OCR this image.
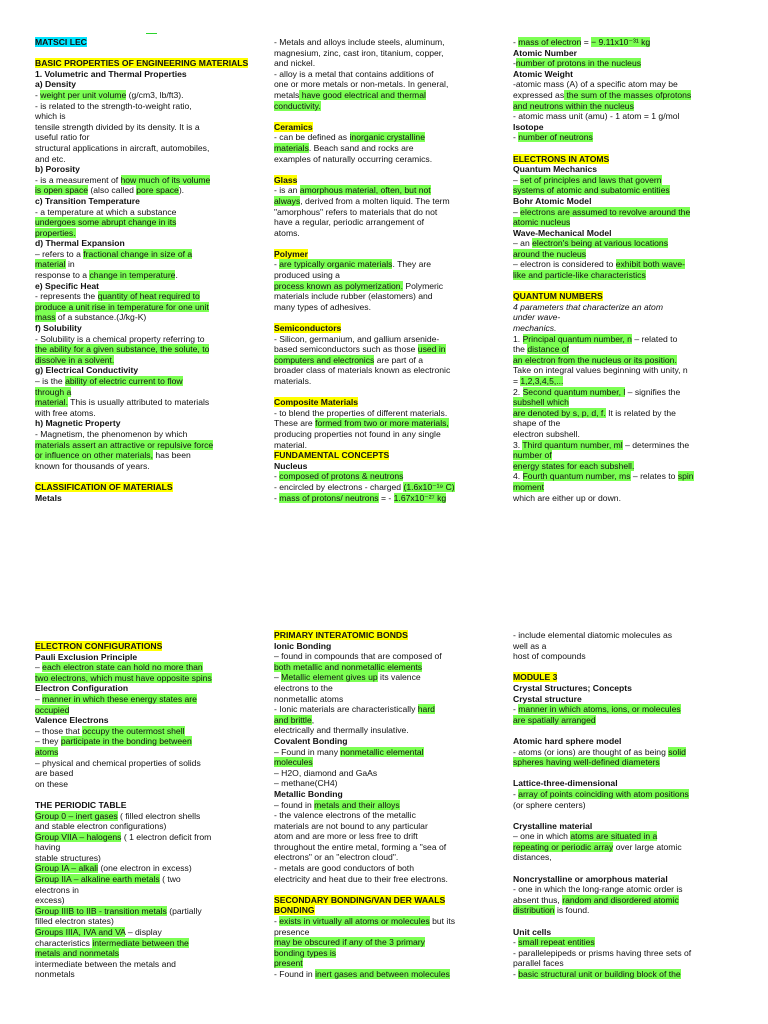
MATSCI LEC
BASIC PROPERTIES OF ENGINEERING MATERIALS
1. Volumetric and Thermal Properties
a) Density
- weight per unit volume (g/cm3, lb/ft3).
- is related to the strength-to-weight ratio,
which is
tensile strength divided by its density. It is a
useful ratio for
structural applications in aircraft, automobiles,
and etc.
b) Porosity
- is a measurement of how much of its volume
is open space (also called pore space).
c) Transition Temperature
- a temperature at which a substance
undergoes some abrupt change in its
properties.
d) Thermal Expansion
– refers to a fractional change in size of a
material in
response to a change in temperature.
e) Specific Heat
- represents the quantity of heat required to
produce a unit rise in temperature for one unit
mass of a substance.(J/kg-K)
f) Solubility
- Solubility is a chemical property referring to
the ability for a given substance, the solute, to
dissolve in a solvent.
g) Electrical Conductivity
– is the ability of electric current to flow
through a
material. This is usually attributed to materials
with free atoms.
h) Magnetic Property
- Magnetism, the phenomenon by which
materials assert an attractive or repulsive force
or influence on other materials, has been
known for thousands of years.
CLASSIFICATION OF MATERIALS
Metals
- Metals and alloys include steels, aluminum,
magnesium, zinc, cast iron, titanium, copper,
and nickel.
- alloy is a metal that contains additions of
one or more metals or non-metals. In general,
metals have good electrical and thermal
conductivity.
Ceramics
- can be defined as inorganic crystalline
materials. Beach sand and rocks are
examples of naturally occurring ceramics.
Glass
- is an amorphous material, often, but not
always, derived from a molten liquid. The term
"amorphous" refers to materials that do not
have a regular, periodic arrangement of
atoms.
Polymer
- are typically organic materials. They are
produced using a
process known as polymerization. Polymeric
materials include rubber (elastomers) and
many types of adhesives.
Semiconductors
- Silicon, germanium, and gallium arsenide-
based semiconductors such as those used in
computers and electronics are part of a
broader class of materials known as electronic
materials.
Composite Materials
- to blend the properties of different materials.
These are formed from two or more materials,
producing properties not found in any single
material.
FUNDAMENTAL CONCEPTS
Nucleus
- composed of protons & neutrons
- encircled by electrons - charged (1.6x10⁻¹⁹ C)
- mass of protons/ neutrons = - 1.67x10⁻²⁷ kg
- mass of electron = − 9.11x10⁻³¹ kg
Atomic Number
-number of protons in the nucleus
Atomic Weight
-atomic mass (A) of a specific atom may be
expressed as the sum of the masses ofprotons
and neutrons within the nucleus
- atomic mass unit (amu) - 1 atom = 1 g/mol
Isotope
- number of neutrons
ELECTRONS IN ATOMS
Quantum Mechanics
– set of principles and laws that govern
systems of atomic and subatomic entities
Bohr Atomic Model
– electrons are assumed to revolve around the
atomic nucleus
Wave-Mechanical Model
– an electron's being at various locations
around the nucleus
– electron is considered to exhibit both wave-
like and particle-like characteristics
QUANTUM NUMBERS
4 parameters that characterize an atom
under wave-
mechanics.
1. Principal quantum number, n – related to
the distance of
an electron from the nucleus or its position.
Take on integral values beginning with unity, n
= 1,2,3,4,5,...
2. Second quantum number, l – signifies the
subshell which
are denoted by s, p, d, f. It is related by the
shape of the
electron subshell.
3. Third quantum number, ml – determines the
number of
energy states for each subshell.
4. Fourth quantum number, ms – relates to spin
moment
which are either up or down.
ELECTRON CONFIGURATIONS
Pauli Exclusion Principle
– each electron state can hold no more than
two electrons, which must have opposite spins
Electron Configuration
– manner in which these energy states are
occupied
Valence Electrons
– those that occupy the outermost shell
– they participate in the bonding between
atoms
– physical and chemical properties of solids
are based
on these
THE PERIODIC TABLE
Group 0 – inert gases ( filled electron shells
and stable electron configurations)
Group VIIA – halogens ( 1 electron deficit from
having
stable structures)
Group IA – alkali (one electron in excess)
Group IIA – alkaline earth metals ( two
electrons in
excess)
Group IIIB to IIB - transition metals (partially
filled electron states)
Groups IIIA, IVA and VA – display
characteristics intermediate between the
metals and nonmetals
intermediate between the metals and
nonmetals
PRIMARY INTERATOMIC BONDS
Ionic Bonding
– found in compounds that are composed of
both metallic and nonmetallic elements
– Metallic element gives up its valence
electrons to the
nonmetallic atoms
- Ionic materials are characteristically hard
and brittle,
electrically and thermally insulative.
Covalent Bonding
– Found in many nonmetallic elemental
molecules
– H2O, diamond and GaAs
– methane(CH4)
Metallic Bonding
– found in metals and their alloys
- the valence electrons of the metallic
materials are not bound to any particular
atom and are more or less free to drift
throughout the entire metal, forming a "sea of
electrons" or an "electron cloud".
- metals are good conductors of both
electricity and heat due to their free electrons.
SECONDARY BONDING/VAN DER WAALS
BONDING
- exists in virtually all atoms or molecules but its
presence
may be obscured if any of the 3 primary
bonding types is
present
- Found in inert gases and between molecules
- include elemental diatomic molecules as
well as a
host of compounds
MODULE 3
Crystal Structures; Concepts
Crystal structure
- manner in which atoms, ions, or molecules
are spatially arranged
Atomic hard sphere model
- atoms (or ions) are thought of as being solid
spheres having well-defined diameters
Lattice-three-dimensional
- array of points coinciding with atom positions
(or sphere centers)
Crystalline material
– one in which atoms are situated in a
repeating or periodic array over large atomic
distances,
Noncrystalline or amorphous material
- one in which the long-range atomic order is
absent thus, random and disordered atomic
distribution is found.
Unit cells
- small repeat entities
- parallelepipeds or prisms having three sets of
parallel faces
- basic structural unit or building block of the
